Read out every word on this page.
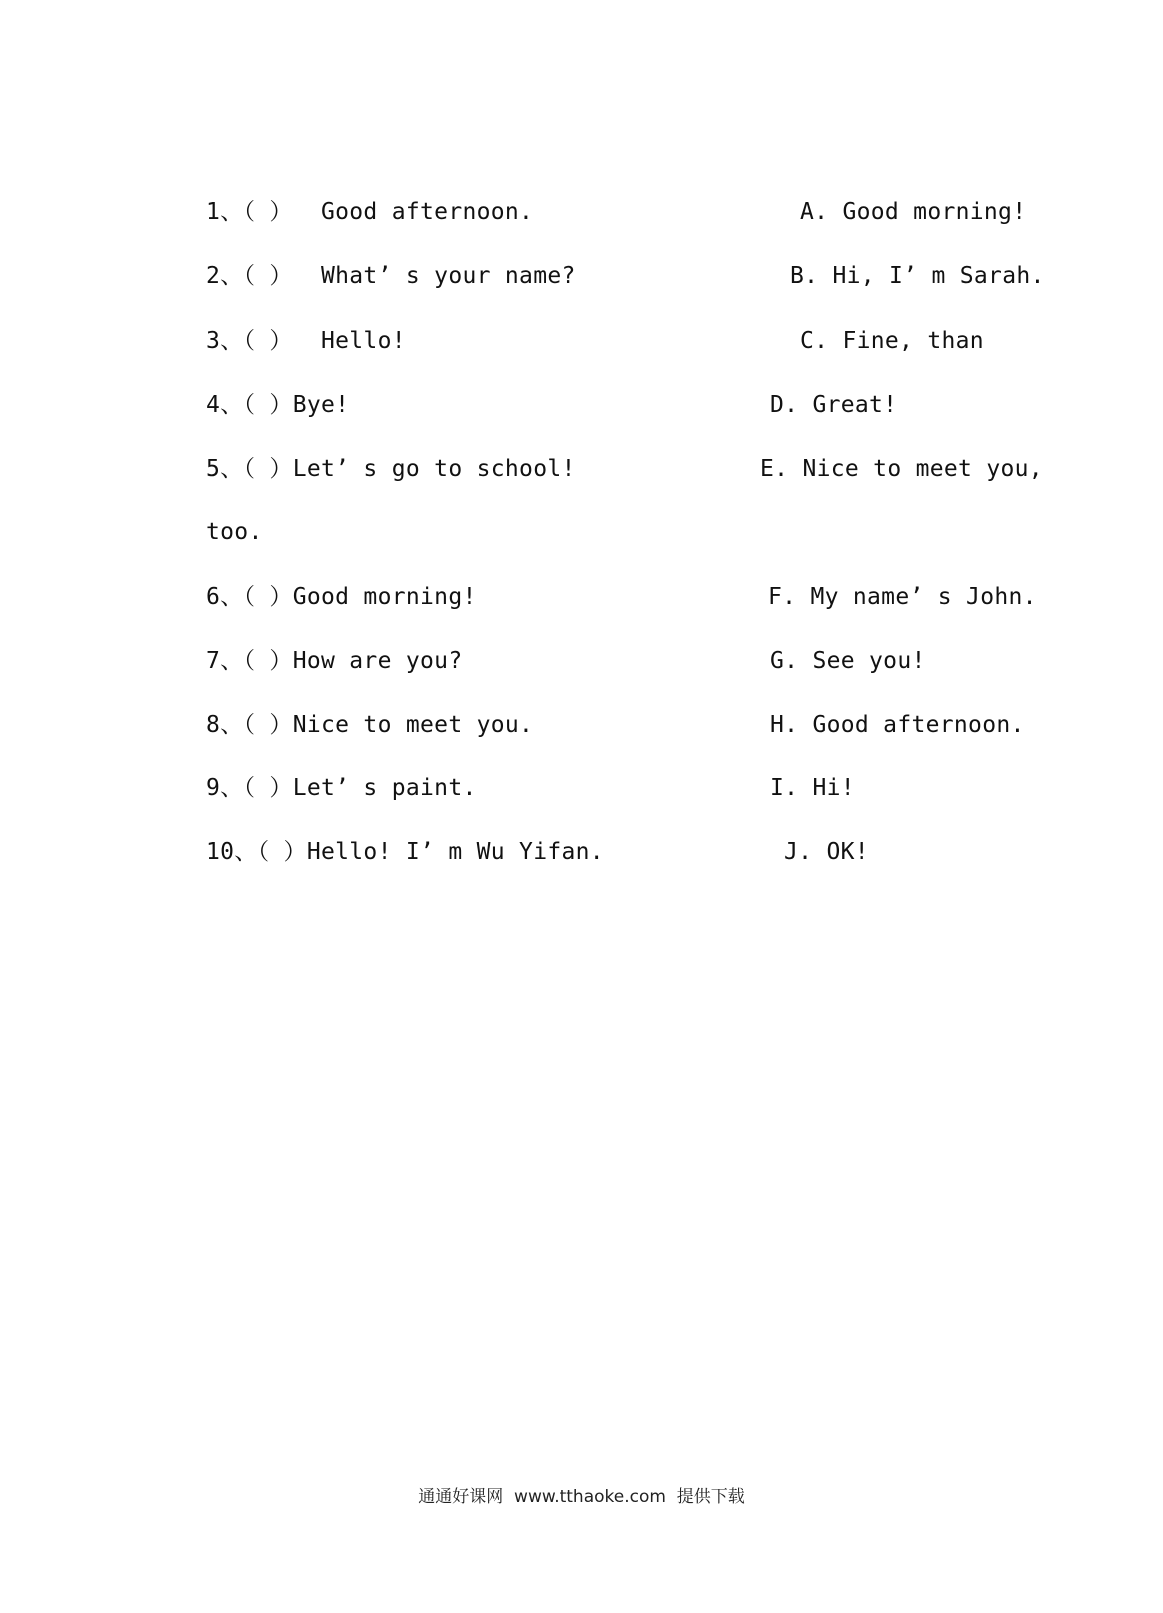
1、（ ）  Good afternoon.	A. Good morning!
2、（ ）  What’ s your name?	B. Hi, I’ m Sarah.
3、（ ）  Hello!	C. Fine, than
4、（ ）Bye!	D. Great!
5、（ ）Let’ s go to school!	E. Nice to meet you,
too.
6、（ ）Good morning!	F. My name’ s John.
7、（ ）How are you?	G. See you!
8、（ ）Nice to meet you.	H. Good afternoon.
9、（ ）Let’ s paint.	I. Hi!
10、（ ）Hello! I’ m Wu Yifan.	J. OK!
通通好课网  www.tthaoke.com  提供下载
